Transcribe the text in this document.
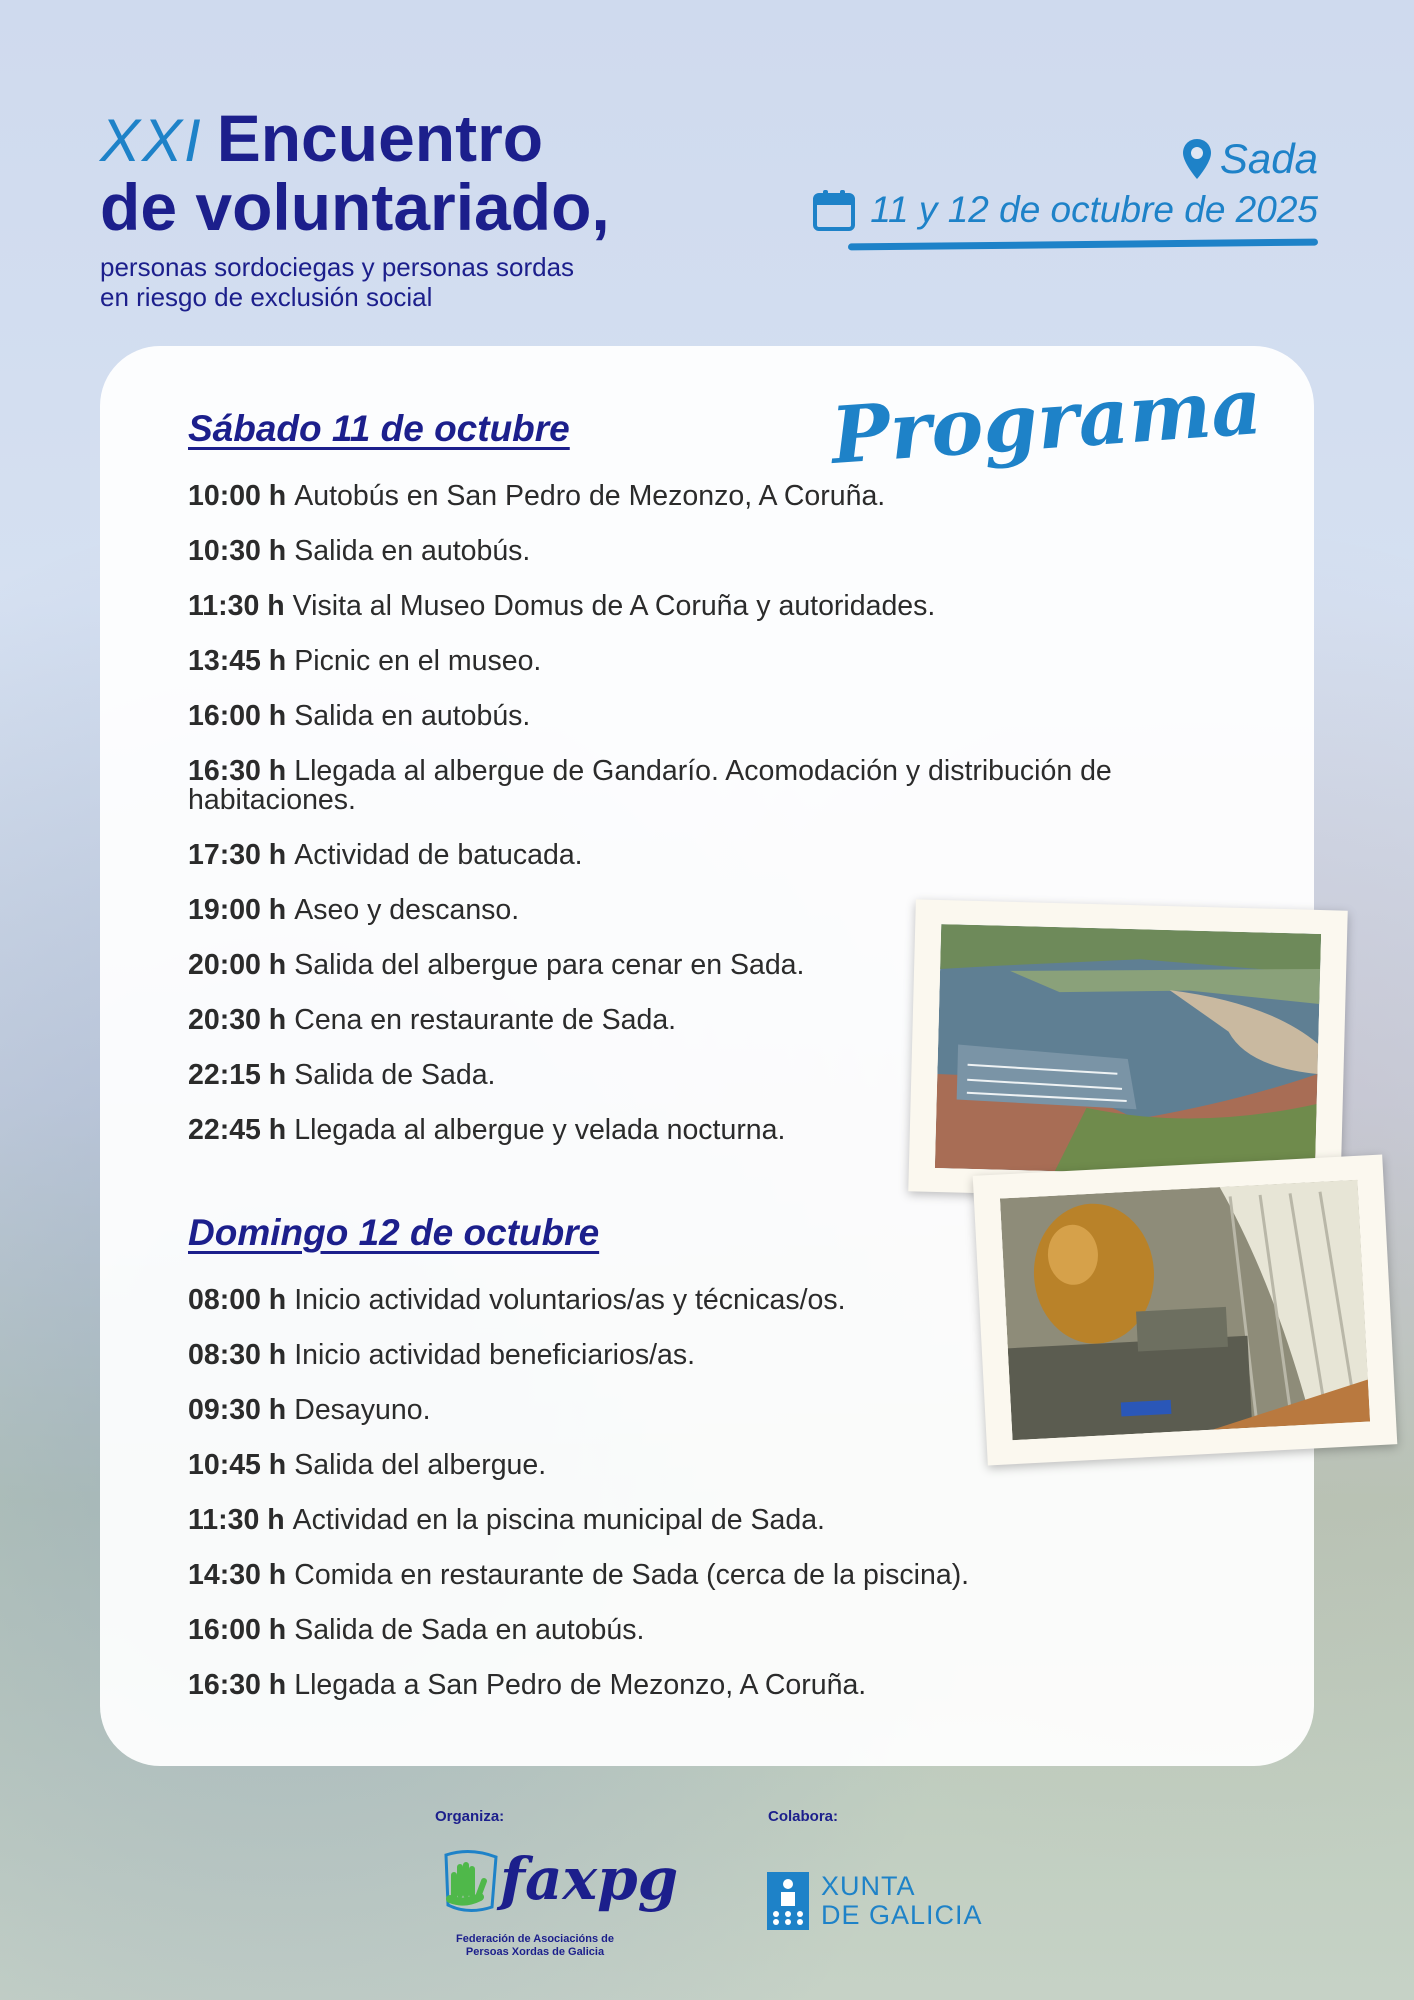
XXI Encuentro
de voluntariado,
personas sordociegas y personas sordas
en riesgo de exclusión social
Sada
11 y 12 de octubre de 2025
Programa
Sábado 11 de octubre
10:00 h Autobús en San Pedro de Mezonzo, A Coruña.
10:30 h Salida en autobús.
11:30 h Visita al Museo Domus de A Coruña y autoridades.
13:45 h Picnic en el museo.
16:00 h Salida en autobús.
16:30 h Llegada al albergue de Gandarío. Acomodación y distribución de habitaciones.
17:30 h Actividad de batucada.
19:00 h Aseo y descanso.
20:00 h Salida del albergue para cenar en Sada.
20:30 h Cena en restaurante de Sada.
22:15 h Salida de Sada.
22:45 h Llegada al albergue y velada nocturna.
Domingo 12 de octubre
08:00 h Inicio actividad voluntarios/as y técnicas/os.
08:30 h Inicio actividad beneficiarios/as.
09:30 h Desayuno.
10:45 h Salida del albergue.
11:30 h Actividad en la piscina municipal de Sada.
14:30 h Comida en restaurante de Sada (cerca de la piscina).
16:00 h Salida de Sada en autobús.
16:30 h Llegada a San Pedro de Mezonzo, A Coruña.
Organiza:	Colabora:
faxpg
Federación de Asociacións de Persoas Xordas de Galicia
XUNTA
DE GALICIA
